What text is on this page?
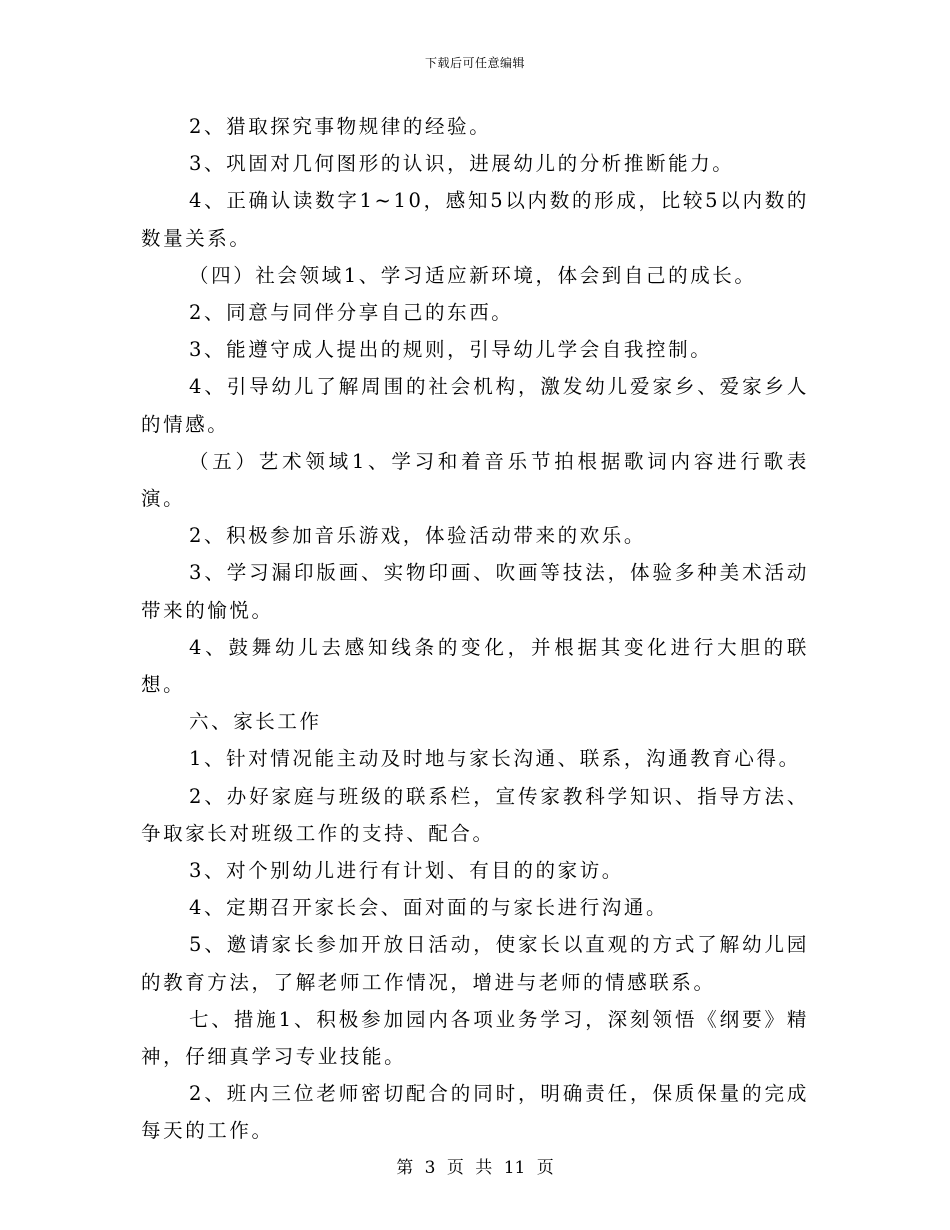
下载后可任意编辑

2、猎取探究事物规律的经验。

3、巩固对几何图形的认识，进展幼儿的分析推断能力。

4、正确认读数字1~10，感知5以内数的形成，比较5以内数的数量关系。

（四）社会领域1、学习适应新环境，体会到自己的成长。

2、同意与同伴分享自己的东西。

3、能遵守成人提出的规则，引导幼儿学会自我控制。

4、引导幼儿了解周围的社会机构，激发幼儿爱家乡、爱家乡人的情感。

（五）艺术领域1、学习和着音乐节拍根据歌词内容进行歌表演。

2、积极参加音乐游戏，体验活动带来的欢乐。

3、学习漏印版画、实物印画、吹画等技法，体验多种美术活动带来的愉悦。

4、鼓舞幼儿去感知线条的变化，并根据其变化进行大胆的联想。

六、家长工作

1、针对情况能主动及时地与家长沟通、联系，沟通教育心得。

2、办好家庭与班级的联系栏，宣传家教科学知识、指导方法、争取家长对班级工作的支持、配合。

3、对个别幼儿进行有计划、有目的的家访。

4、定期召开家长会、面对面的与家长进行沟通。

5、邀请家长参加开放日活动，使家长以直观的方式了解幼儿园的教育方法，了解老师工作情况，增进与老师的情感联系。

七、措施1、积极参加园内各项业务学习，深刻领悟《纲要》精神，仔细真学习专业技能。

2、班内三位老师密切配合的同时，明确责任，保质保量的完成每天的工作。

第 3 页 共 11 页
